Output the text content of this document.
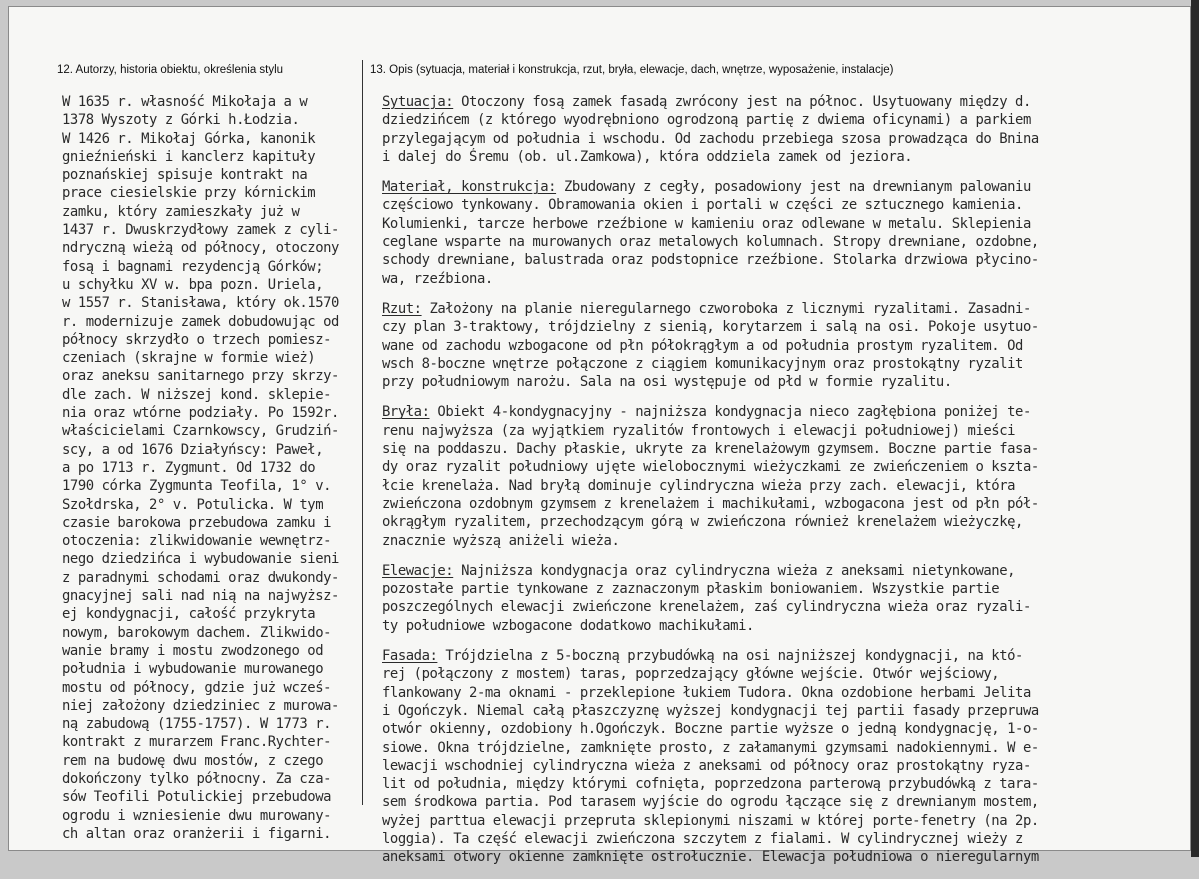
12. Autorzy, historia obiektu, określenia stylu	13. Opis (sytuacja, materiał i konstrukcja, rzut, bryła, elewacje, dach, wnętrze, wyposażenie, instalacje)
W 1635 r. własność Mikołaja a w
1378 Wyszoty z Górki h.Łodzia.
W 1426 r. Mikołaj Górka, kanonik
gnieźnieński i kanclerz kapituły
poznańskiej spisuje kontrakt na
prace ciesielskie przy kórnickim
zamku, który zamieszkały już w
1437 r. Dwuskrzydłowy zamek z cyli-
ndryczną wieżą od północy, otoczony
fosą i bagnami rezydencją Górków;
u schyłku XV w. bpa pozn. Uriela,
w 1557 r. Stanisława, który ok.1570
r. modernizuje zamek dobudowując od
północy skrzydło o trzech pomiesz-
czeniach (skrajne w formie wież)
oraz aneksu sanitarnego przy skrzy-
dle zach. W niższej kond. sklepie-
nia oraz wtórne podziały. Po 1592r.
właścicielami Czarnkowscy, Grudziń-
scy, a od 1676 Działyńscy: Paweł,
a po 1713 r. Zygmunt. Od 1732 do
1790 córka Zygmunta Teofila, 1° v.
Szołdrska, 2° v. Potulicka. W tym
czasie barokowa przebudowa zamku i
otoczenia: zlikwidowanie wewnętrz-
nego dziedzińca i wybudowanie sieni
z paradnymi schodami oraz dwukondy-
gnacyjnej sali nad nią na najwyższ-
ej kondygnacji, całość przykryta
nowym, barokowym dachem. Zlikwido-
wanie bramy i mostu zwodzonego od
południa i wybudowanie murowanego
mostu od północy, gdzie już wcześ-
niej założony dziedziniec z murowa-
ną zabudową (1755-1757). W 1773 r.
kontrakt z murarzem Franc.Rychter-
rem na budowę dwu mostów, z czego
dokończony tylko północny. Za cza-
sów Teofili Potulickiej przebudowa
ogrodu i wzniesienie dwu murowany-
ch altan oraz oranżerii i figarni.
Sytuacja: Otoczony fosą zamek fasadą zwrócony jest na północ. Usytuowany między d.
dziedzińcem (z którego wyodrębniono ogrodzoną partię z dwiema oficynami) a parkiem
przylegającym od południa i wschodu. Od zachodu przebiega szosa prowadząca do Bnina
i dalej do Śremu (ob. ul.Zamkowa), która oddziela zamek od jeziora.
Materiał, konstrukcja: Zbudowany z cegły, posadowiony jest na drewnianym palowaniu
częściowo tynkowany. Obramowania okien i portali w części ze sztucznego kamienia.
Kolumienki, tarcze herbowe rzeźbione w kamieniu oraz odlewane w metalu. Sklepienia
ceglane wsparte na murowanych oraz metalowych kolumnach. Stropy drewniane, ozdobne,
schody drewniane, balustrada oraz podstopnice rzeźbione. Stolarka drzwiowa płycino-
wa, rzeźbiona.
Rzut: Założony na planie nieregularnego czworoboka z licznymi ryzalitami. Zasadni-
czy plan 3-traktowy, trójdzielny z sienią, korytarzem i salą na osi. Pokoje usytuo-
wane od zachodu wzbogacone od płn półokrągłym a od południa prostym ryzalitem. Od
wsch 8-boczne wnętrze połączone z ciągiem komunikacyjnym oraz prostokątny ryzalit
przy południowym narożu. Sala na osi występuje od płd w formie ryzalitu.
Bryła: Obiekt 4-kondygnacyjny - najniższa kondygnacja nieco zagłębiona poniżej te-
renu najwyższa (za wyjątkiem ryzalitów frontowych i elewacji południowej) mieści
się na poddaszu. Dachy płaskie, ukryte za krenelażowym gzymsem. Boczne partie fasa-
dy oraz ryzalit południowy ujęte wielobocznymi wieżyczkami ze zwieńczeniem o kszta-
łcie krenelaża. Nad bryłą dominuje cylindryczna wieża przy zach. elewacji, która
zwieńczona ozdobnym gzymsem z krenelażem i machikułami, wzbogacona jest od płn pół-
okrągłym ryzalitem, przechodzącym górą w zwieńczona również krenelażem wieżyczkę,
znacznie wyższą aniżeli wieża.
Elewacje: Najniższa kondygnacja oraz cylindryczna wieża z aneksami nietynkowane,
pozostałe partie tynkowane z zaznaczonym płaskim boniowaniem. Wszystkie partie
poszczególnych elewacji zwieńczone krenelażem, zaś cylindryczna wieża oraz ryzali-
ty południowe wzbogacone dodatkowo machikułami.
Fasada: Trójdzielna z 5-boczną przybudówką na osi najniższej kondygnacji, na któ-
rej (połączony z mostem) taras, poprzedzający główne wejście. Otwór wejściowy,
flankowany 2-ma oknami - przeklepione łukiem Tudora. Okna ozdobione herbami Jelita
i Ogończyk. Niemal całą płaszczyznę wyższej kondygnacji tej partii fasady przepruwa
otwór okienny, ozdobiony h.Ogończyk. Boczne partie wyższe o jedną kondygnację, 1-o-
siowe. Okna trójdzielne, zamknięte prosto, z załamanymi gzymsami nadokiennymi. W e-
lewacji wschodniej cylindryczna wieża z aneksami od północy oraz prostokątny ryza-
lit od południa, między którymi cofnięta, poprzedzona parterową przybudówką z tara-
sem środkowa partia. Pod tarasem wyjście do ogrodu łączące się z drewnianym mostem,
wyżej parttua elewacji przepruta sklepionymi niszami w której porte-fenetry (na 2p.
loggia). Ta część elewacji zwieńczona szczytem z fialami. W cylindrycznej wieży z
aneksami otwory okienne zamknięte ostrołucznie. Elewacja południowa o nieregularnym
